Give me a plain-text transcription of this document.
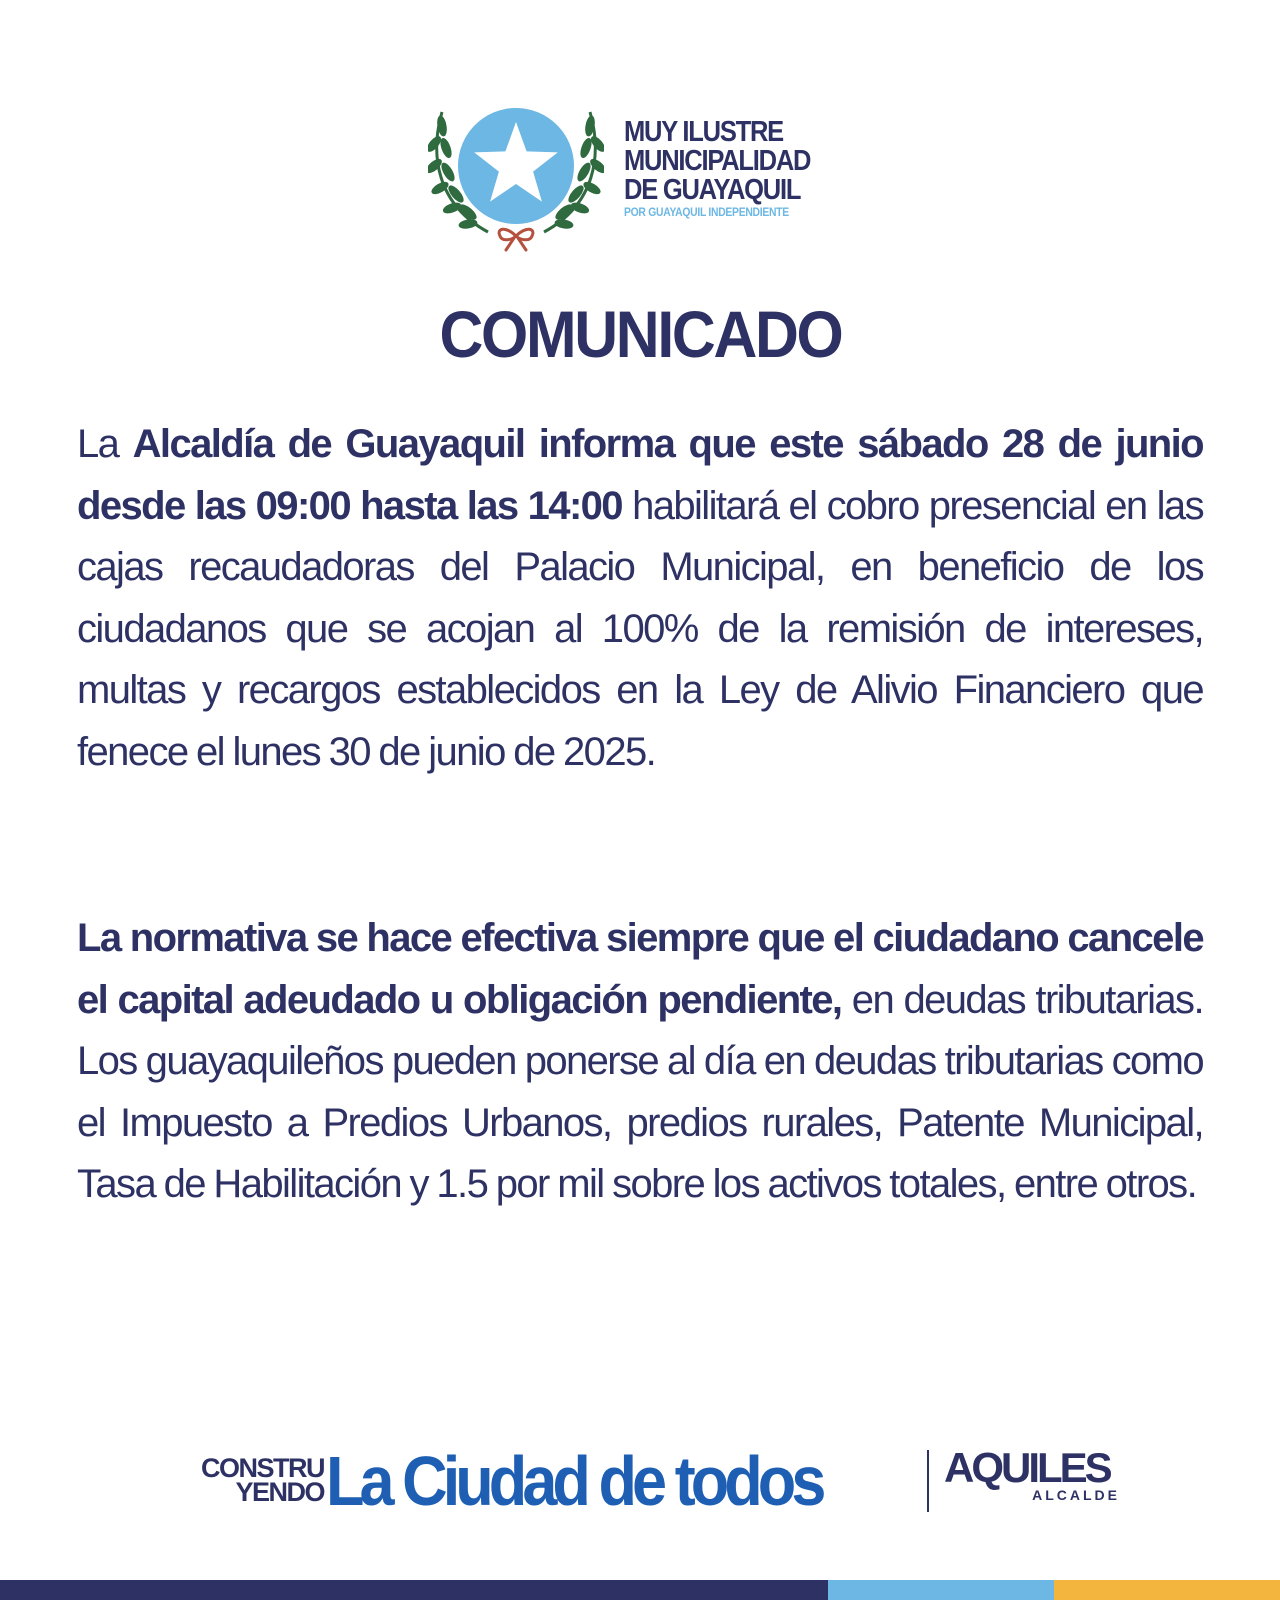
MUY ILUSTRE
MUNICIPALIDAD
DE GUAYAQUIL
POR GUAYAQUIL INDEPENDIENTE
COMUNICADO

La Alcaldía de Guayaquil informa que este sábado 28 de junio desde las 09:00 hasta las 14:00 habilitará el cobro presencial en las cajas recaudadoras del Palacio Municipal, en beneficio de los ciudadanos que se acojan al 100% de la remisión de intereses, multas y recargos establecidos en la Ley de Alivio Financiero que fenece el lunes 30 de junio de 2025.

La normativa se hace efectiva siempre que el ciudadano cancele el capital adeudado u obligación pendiente, en deudas tributarias. Los guayaquileños pueden ponerse al día en deudas tributarias como el Impuesto a Predios Urbanos, predios rurales, Patente Municipal, Tasa de Habilitación y 1.5 por mil sobre los activos totales, entre otros.

CONSTRU
YENDO La Ciudad de todos	AQUILES
ALCALDE
